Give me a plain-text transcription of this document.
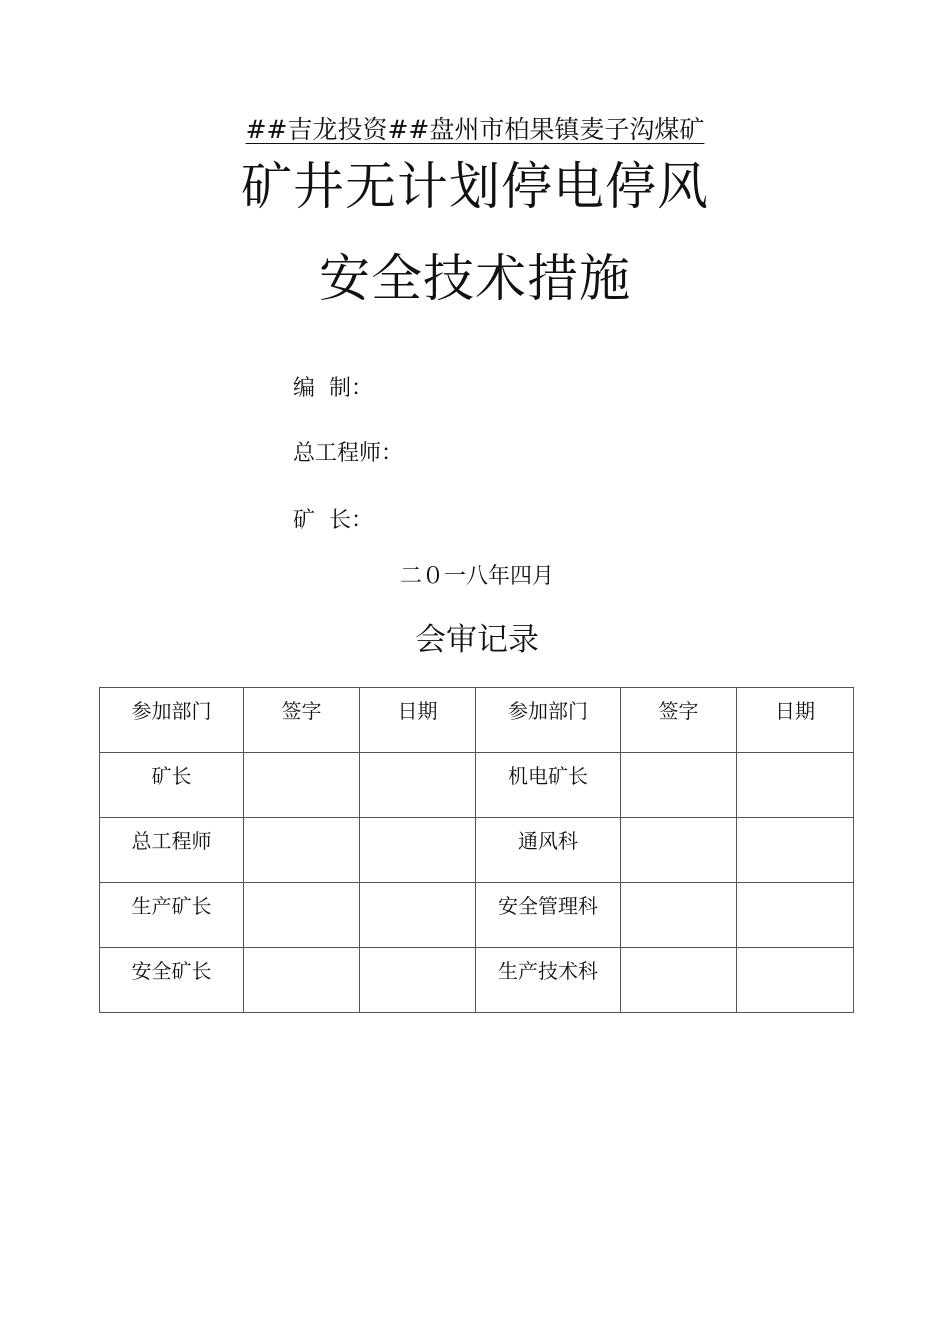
##吉龙投资##盘州市柏果镇麦子沟煤矿
矿井无计划停电停风
安全技术措施
编  制：
总工程师：
矿  长：
二０一八年四月
会审记录
参加部门	签字	日期	参加部门	签字	日期
矿长			机电矿长		
总工程师			通风科		
生产矿长			安全管理科		
安全矿长			生产技术科		
